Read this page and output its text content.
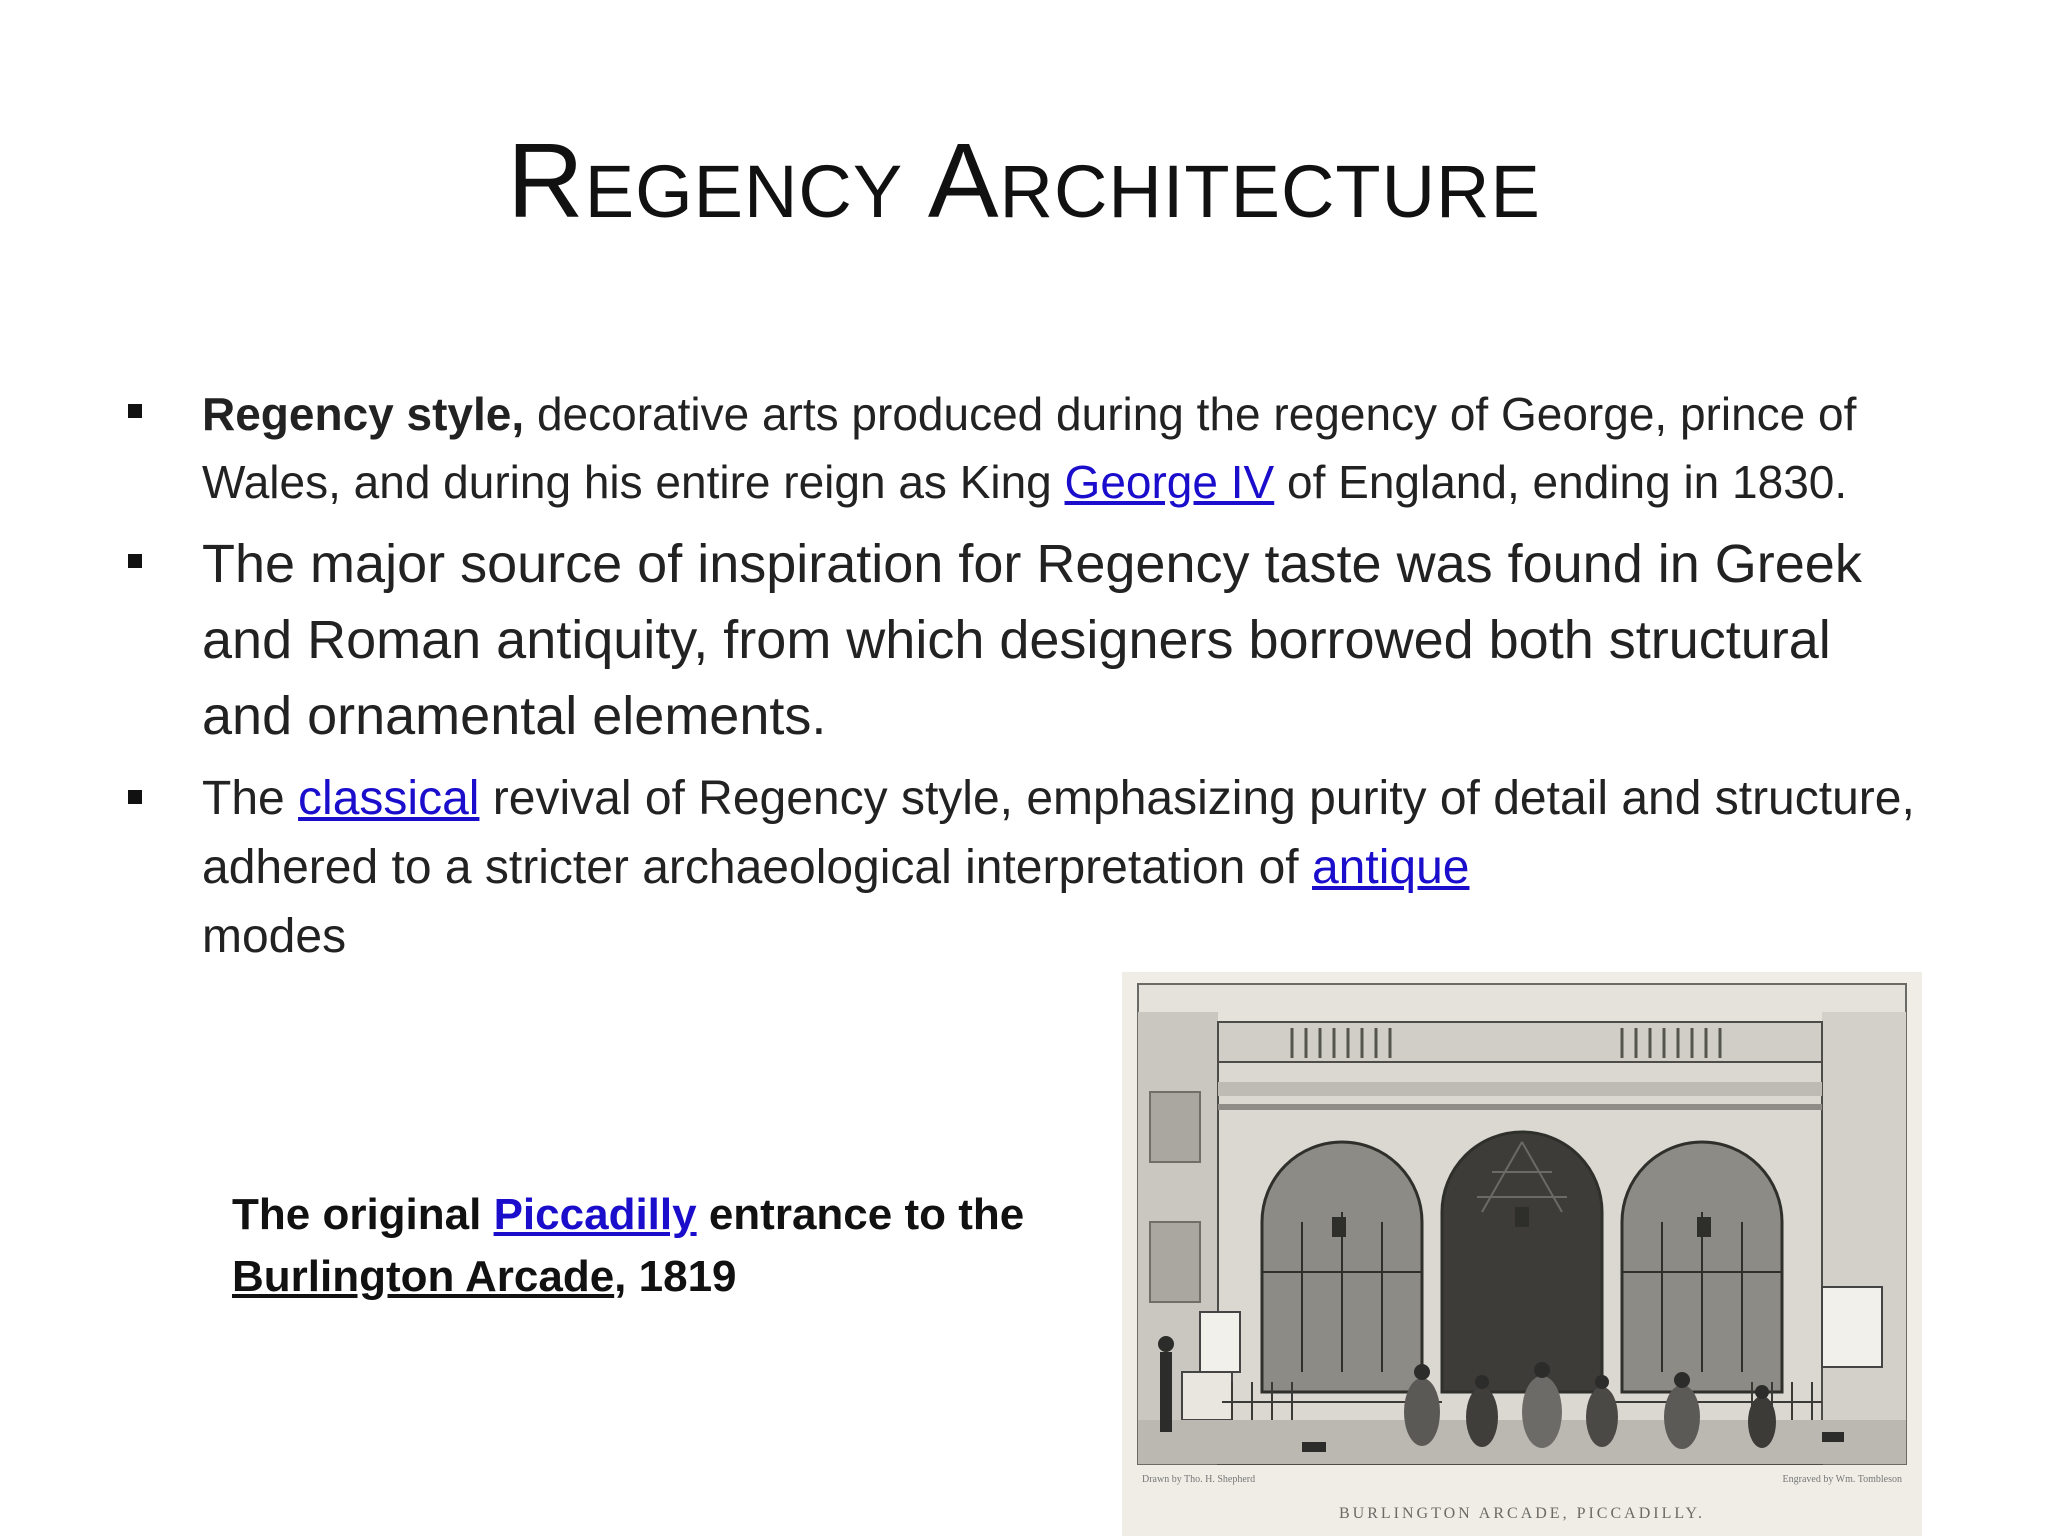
Regency Architecture
Regency style, decorative arts produced during the regency of George, prince of Wales, and during his entire reign as King George IV of England, ending in 1830.
The major source of inspiration for Regency taste was found in Greek and Roman antiquity, from which designers borrowed both structural and ornamental elements.
The classical revival of Regency style, emphasizing purity of detail and structure, adhered to a stricter archaeological interpretation of antique
modes
The original Piccadilly entrance to the Burlington Arcade, 1819
BURLINGTON ARCADE, PICCADILLY.
Drawn by Tho. H. Shepherd	Engraved by Wm. Tombleson
